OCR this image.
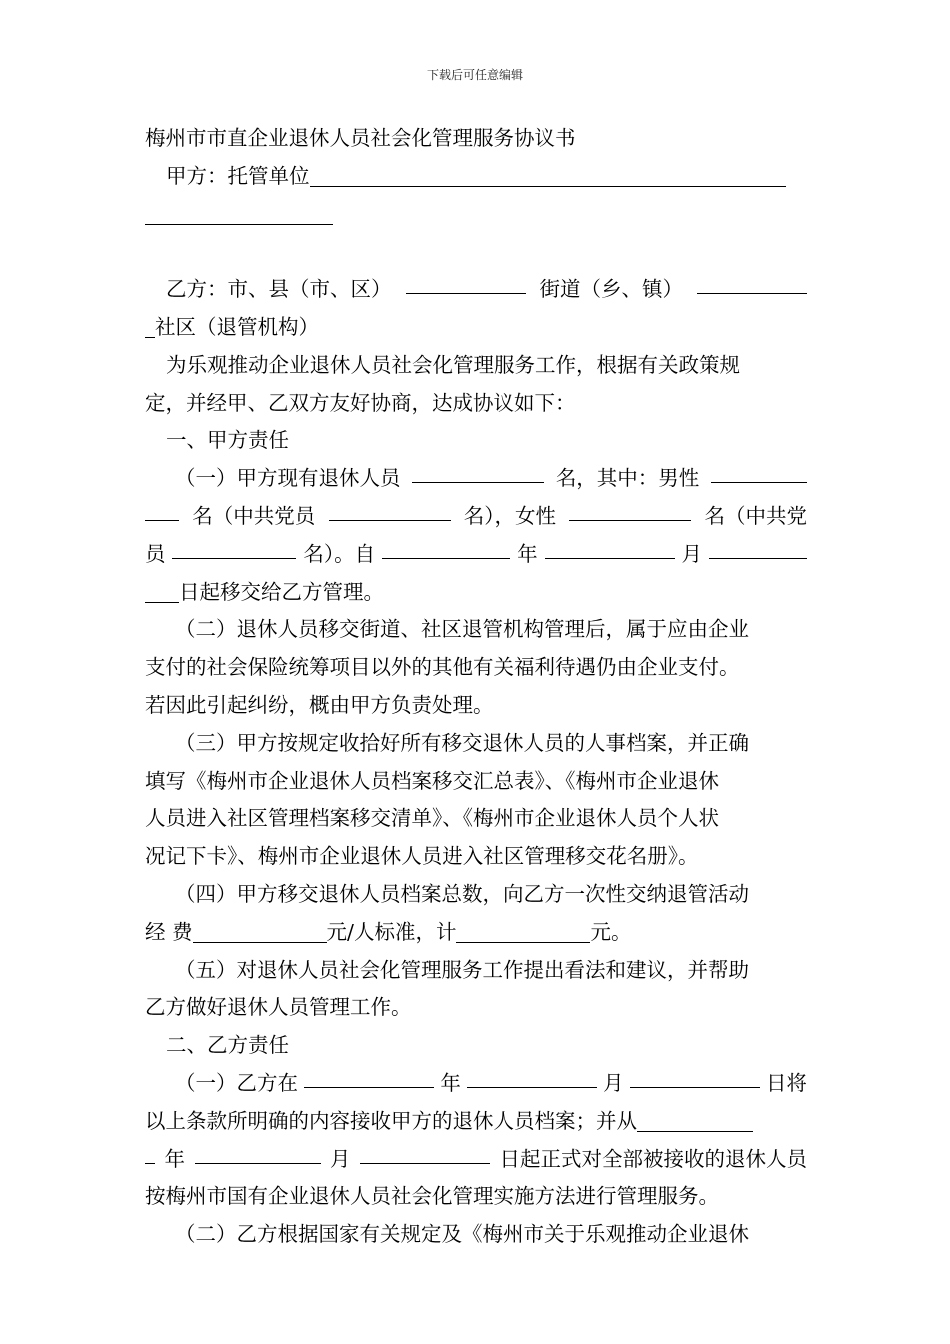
下载后可任意编辑

梅州市市直企业退休人员社会化管理服务协议书

甲方：托管单位

乙方：市、县（市、区）	街道（乡、镇）

社区（退管机构）

为乐观推动企业退休人员社会化管理服务工作，根据有关政策规

定，并经甲、乙双方友好协商，达成协议如下：

一、甲方责任

（一）甲方现有退休人员	名，其中：男性

名（中共党员	名），女性	名（中共党

员	名）。自	年	月

日起移交给乙方管理。

（二）退休人员移交街道、社区退管机构管理后，属于应由企业

支付的社会保险统筹项目以外的其他有关福利待遇仍由企业支付。

若因此引起纠纷，概由甲方负责处理。

（三）甲方按规定收拾好所有移交退休人员的人事档案，并正确

填写《梅州市企业退休人员档案移交汇总表》、《梅州市企业退休

人员进入社区管理档案移交清单》、《梅州市企业退休人员个人状

况记下卡》、梅州市企业退休人员进入社区管理移交花名册》。

（四）甲方移交退休人员档案总数，向乙方一次性交纳退管活动

经 费	元/人标准，计	元。

（五）对退休人员社会化管理服务工作提出看法和建议，并帮助

乙方做好退休人员管理工作。

二、乙方责任

（一）乙方在	年	月	日将

以上条款所明确的内容接收甲方的退休人员档案；并从

年	月	日起正式对全部被接收的退休人员

按梅州市国有企业退休人员社会化管理实施方法进行管理服务。

（二）乙方根据国家有关规定及《梅州市关于乐观推动企业退休
